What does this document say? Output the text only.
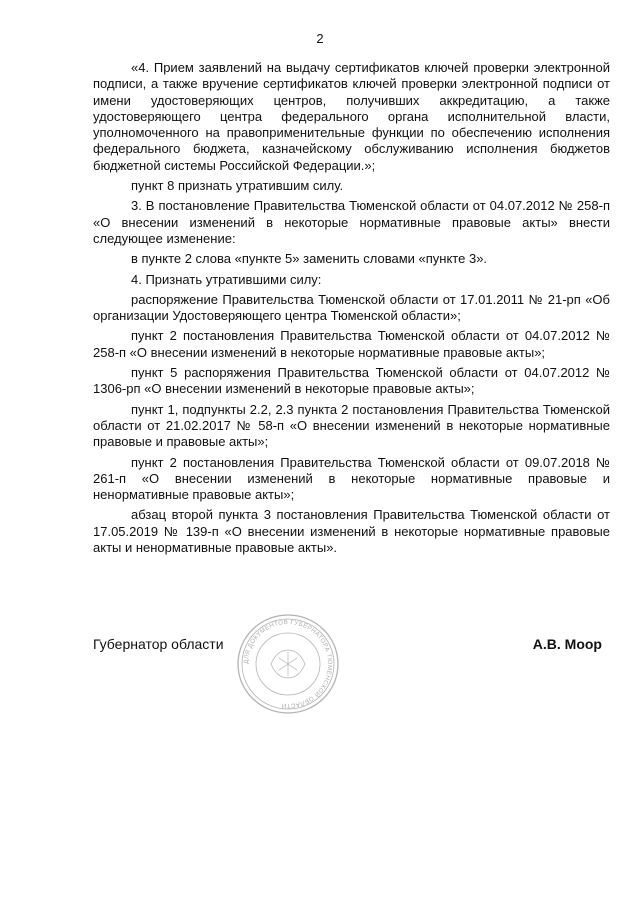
2

«4. Прием заявлений на выдачу сертификатов ключей проверки электронной подписи, а также вручение сертификатов ключей проверки электронной подписи от имени удостоверяющих центров, получивших аккредитацию, а также удостоверяющего центра федерального органа исполнительной власти, уполномоченного на правоприменительные функции по обеспечению исполнения федерального бюджета, казначейскому обслуживанию исполнения бюджетов бюджетной системы Российской Федерации.»;

пункт 8 признать утратившим силу.

3. В постановление Правительства Тюменской области от 04.07.2012 № 258-п «О внесении изменений в некоторые нормативные правовые акты» внести следующее изменение:

в пункте 2 слова «пункте 5» заменить словами «пункте 3».

4. Признать утратившими силу:

распоряжение Правительства Тюменской области от 17.01.2011 № 21-рп «Об организации Удостоверяющего центра Тюменской области»;

пункт 2 постановления Правительства Тюменской области от 04.07.2012 № 258-п «О внесении изменений в некоторые нормативные правовые акты»;

пункт 5 распоряжения Правительства Тюменской области от 04.07.2012 № 1306-рп «О внесении изменений в некоторые правовые акты»;

пункт 1, подпункты 2.2, 2.3 пункта 2 постановления Правительства Тюменской области от 21.02.2017 № 58-п «О внесении изменений в некоторые нормативные правовые и правовые акты»;

пункт 2 постановления Правительства Тюменской области от 09.07.2018 № 261-п «О внесении изменений в некоторые нормативные правовые и ненормативные правовые акты»;

абзац второй пункта 3 постановления Правительства Тюменской области от 17.05.2019 № 139-п «О внесении изменений в некоторые нормативные правовые акты и ненормативные правовые акты».

ДЛЯ ДОКУМЕНТОВ ГУБЕРНАТОРА ТЮМЕНСКОЙ ОБЛАСТИ
Губернатор области	А.В. Моор
